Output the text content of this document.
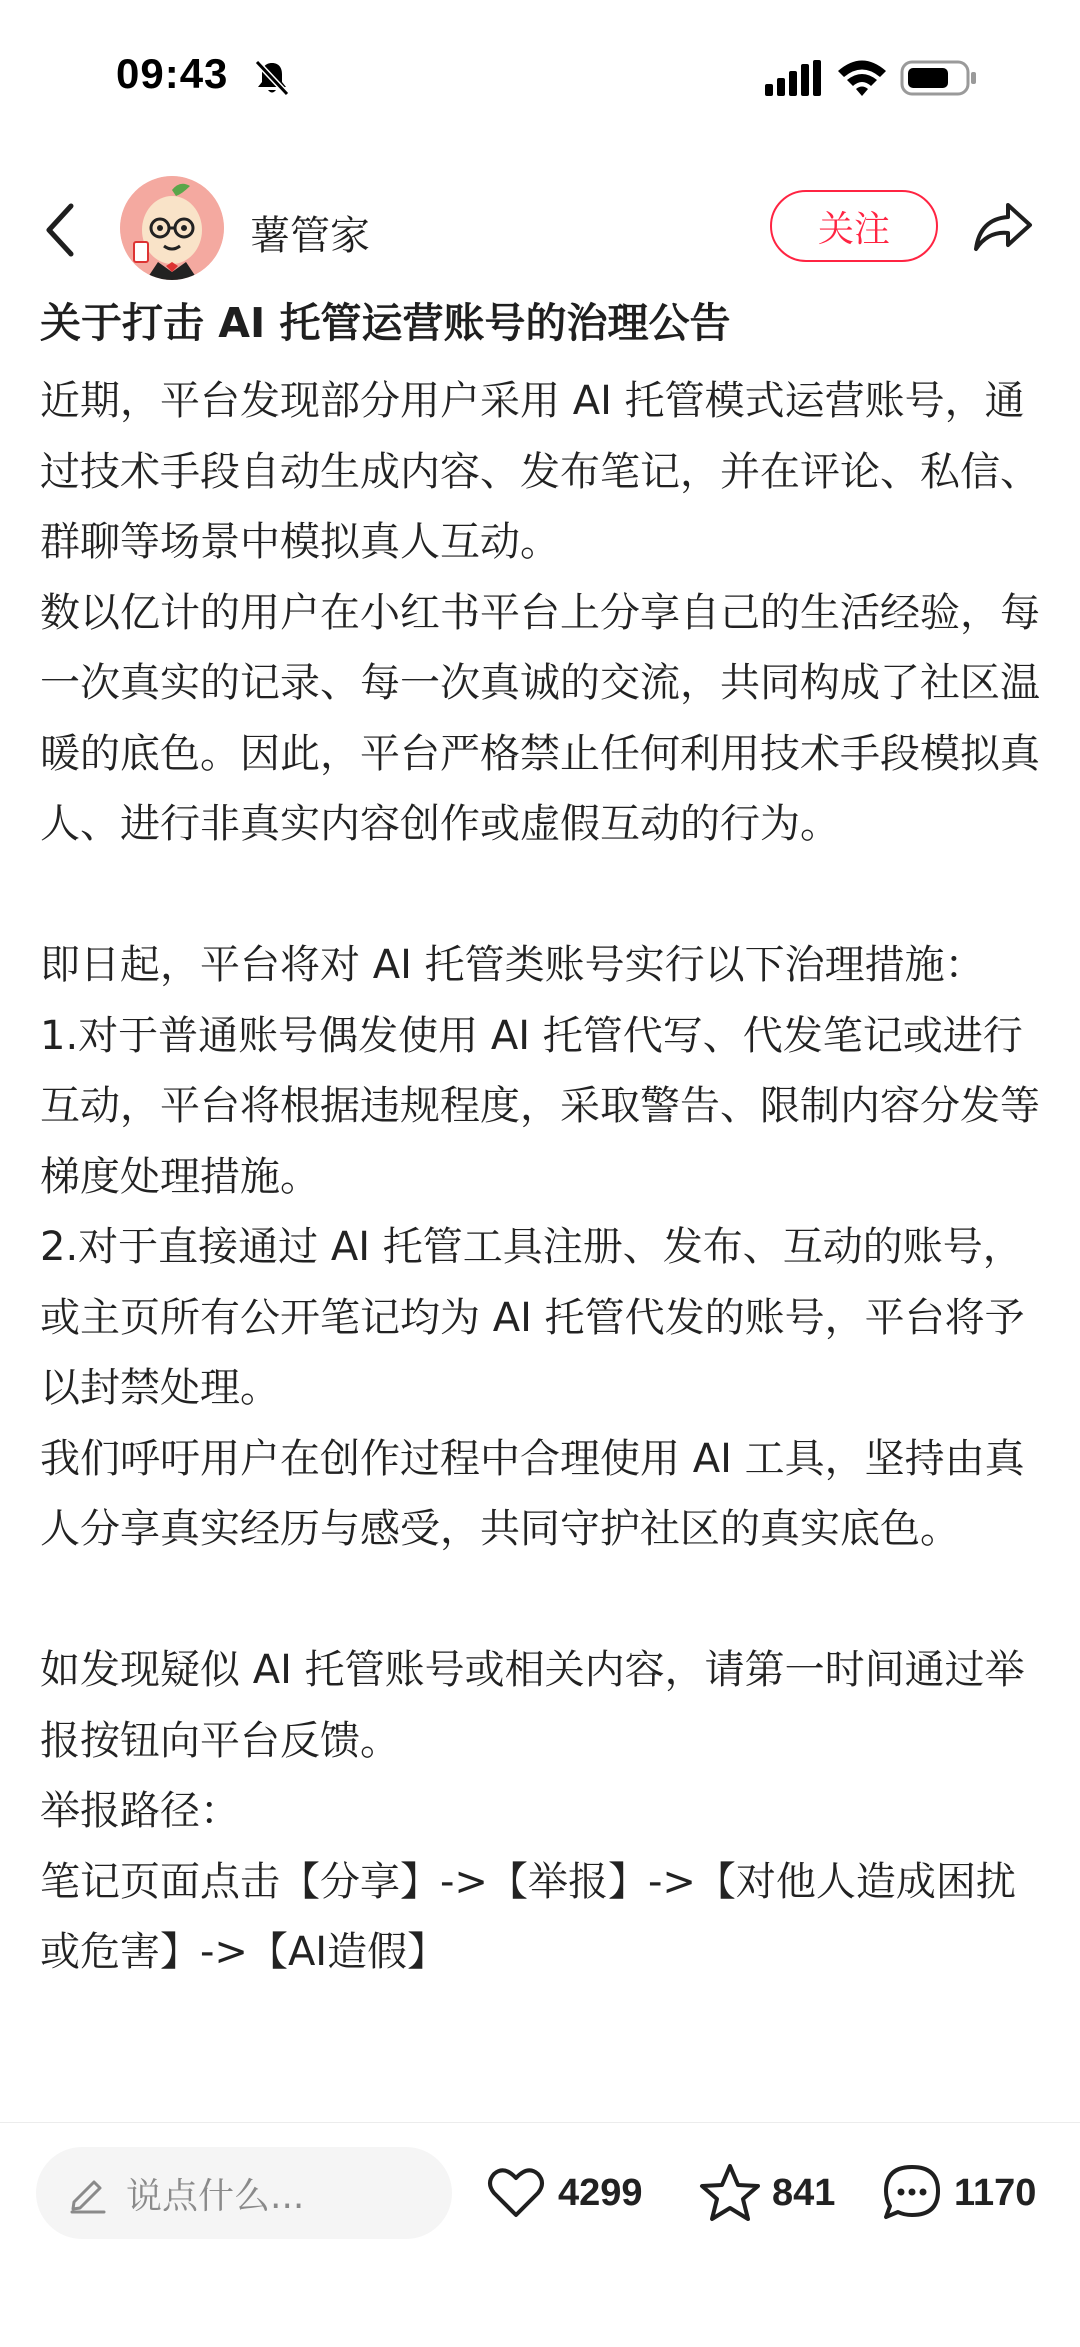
09:43
薯管家	关注
关于打击 AI 托管运营账号的治理公告

近期，平台发现部分用户采用 AI 托管模式运营账号，通过技术手段自动生成内容、发布笔记，并在评论、私信、群聊等场景中模拟真人互动。

数以亿计的用户在小红书平台上分享自己的生活经验，每一次真实的记录、每一次真诚的交流，共同构成了社区温暖的底色。因此，平台严格禁止任何利用技术手段模拟真人、进行非真实内容创作或虚假互动的行为。

即日起，平台将对 AI 托管类账号实行以下治理措施：

1.对于普通账号偶发使用 AI 托管代写、代发笔记或进行互动，平台将根据违规程度，采取警告、限制内容分发等梯度处理措施。

2.对于直接通过 AI 托管工具注册、发布、互动的账号，或主页所有公开笔记均为 AI 托管代发的账号，平台将予以封禁处理。

我们呼吁用户在创作过程中合理使用 AI 工具，坚持由真人分享真实经历与感受，共同守护社区的真实底色。

如发现疑似 AI 托管账号或相关内容，请第一时间通过举报按钮向平台反馈。

举报路径：

笔记页面点击【分享】->【举报】->【对他人造成困扰或危害】->【AI造假】

说点什么...	4299	841	1170
